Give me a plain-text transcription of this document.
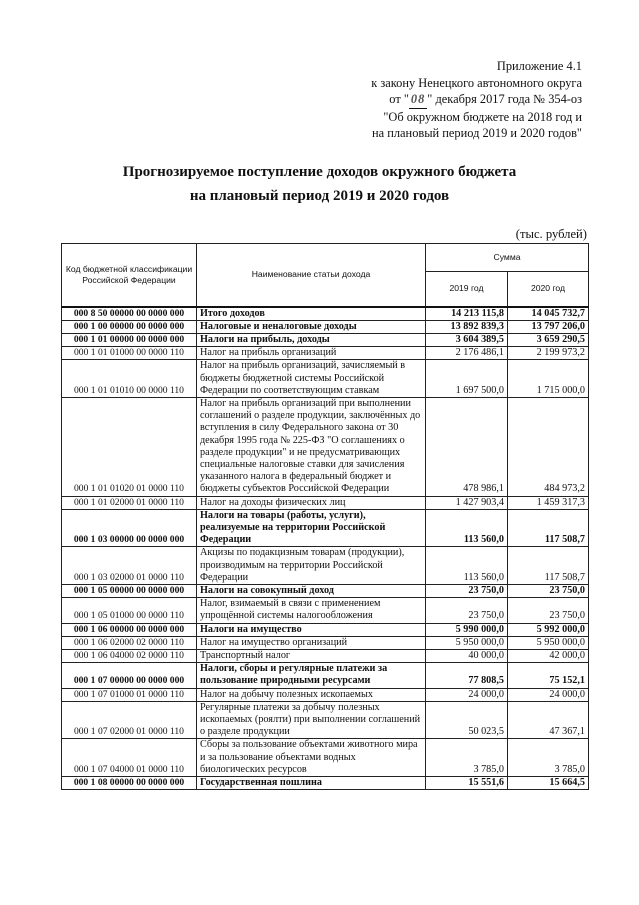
Приложение 4.1
к закону Ненецкого автономного округа
от " 08 " декабря 2017 года № 354-оз
"Об окружном бюджете на 2018 год и
на плановый период 2019 и 2020 годов"
Прогнозируемое поступление доходов окружного бюджета
на плановый период 2019 и 2020 годов
(тыс. рублей)
Код бюджетной классификации Российской Федерации	Наименование статьи дохода	Сумма	
		2019 год	2020 год
000 8 50 00000 00 0000 000	Итого доходов	14 213 115,8	14 045 732,7
000 1 00 00000 00 0000 000	Налоговые и неналоговые доходы	13 892 839,3	13 797 206,0
000 1 01 00000 00 0000 000	Налоги на прибыль, доходы	3 604 389,5	3 659 290,5
000 1 01 01000 00 0000 110	Налог на прибыль организаций	2 176 486,1	2 199 973,2
000 1 01 01010 00 0000 110	Налог на прибыль организаций, зачисляемый в бюджеты бюджетной системы Российской Федерации по соответствующим ставкам	1 697 500,0	1 715 000,0
000 1 01 01020 01 0000 110	Налог на прибыль организаций при выполнении соглашений о разделе продукции, заключённых до вступления в силу Федерального закона от 30 декабря 1995 года № 225-ФЗ "О соглашениях о разделе продукции" и не предусматривающих специальные налоговые ставки для зачисления указанного налога в федеральный бюджет и бюджеты субъектов Российской Федерации	478 986,1	484 973,2
000 1 01 02000 01 0000 110	Налог на доходы физических лиц	1 427 903,4	1 459 317,3
000 1 03 00000 00 0000 000	Налоги на товары (работы, услуги), реализуемые на территории Российской Федерации	113 560,0	117 508,7
000 1 03 02000 01 0000 110	Акцизы по подакцизным товарам (продукции), производимым на территории Российской Федерации	113 560,0	117 508,7
000 1 05 00000 00 0000 000	Налоги на совокупный доход	23 750,0	23 750,0
000 1 05 01000 00 0000 110	Налог, взимаемый в связи с применением упрощённой системы налогообложения	23 750,0	23 750,0
000 1 06 00000 00 0000 000	Налоги на имущество	5 990 000,0	5 992 000,0
000 1 06 02000 02 0000 110	Налог на имущество организаций	5 950 000,0	5 950 000,0
000 1 06 04000 02 0000 110	Транспортный налог	40 000,0	42 000,0
000 1 07 00000 00 0000 000	Налоги, сборы и регулярные платежи за пользование природными ресурсами	77 808,5	75 152,1
000 1 07 01000 01 0000 110	Налог на добычу полезных ископаемых	24 000,0	24 000,0
000 1 07 02000 01 0000 110	Регулярные платежи за добычу полезных ископаемых (роялти) при выполнении соглашений о разделе продукции	50 023,5	47 367,1
000 1 07 04000 01 0000 110	Сборы за пользование объектами животного мира и за пользование объектами водных биологических ресурсов	3 785,0	3 785,0
000 1 08 00000 00 0000 000	Государственная пошлина	15 551,6	15 664,5
